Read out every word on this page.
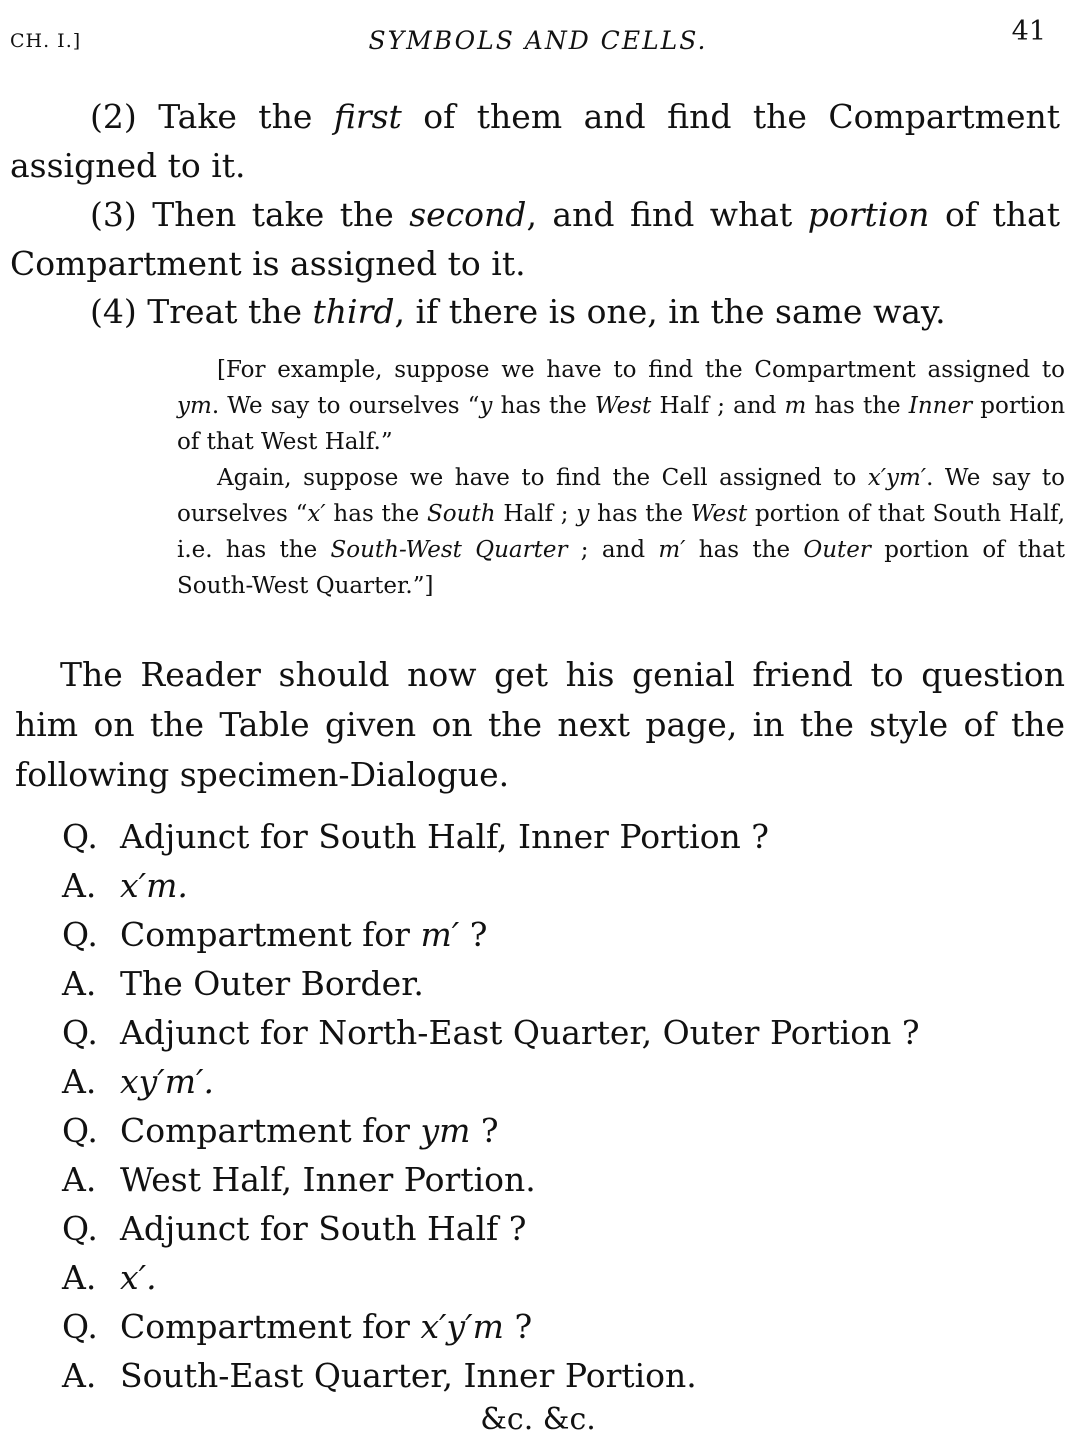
CH. I.]	SYMBOLS AND CELLS.	41

(2) Take the first of them and find the Compartment assigned to it.

(3) Then take the second, and find what portion of that Compartment is assigned to it.

(4) Treat the third, if there is one, in the same way.

[For example, suppose we have to find the Compartment assigned to ym. We say to ourselves “y has the West Half ; and m has the Inner portion of that West Half.”

Again, suppose we have to find the Cell assigned to x′ym′. We say to ourselves “x′ has the South Half ; y has the West portion of that South Half, i.e. has the South-West Quarter ; and m′ has the Outer portion of that South-West Quarter.”]

The Reader should now get his genial friend to question him on the Table given on the next page, in the style of the following specimen-Dialogue.

Q. Adjunct for South Half, Inner Portion ?
A. x′m.
Q. Compartment for m′ ?
A. The Outer Border.
Q. Adjunct for North-East Quarter, Outer Portion ?
A. xy′m′.
Q. Compartment for ym ?
A. West Half, Inner Portion.
Q. Adjunct for South Half ?
A. x′.
Q. Compartment for x′y′m ?
A. South-East Quarter, Inner Portion.
&c. &c.
